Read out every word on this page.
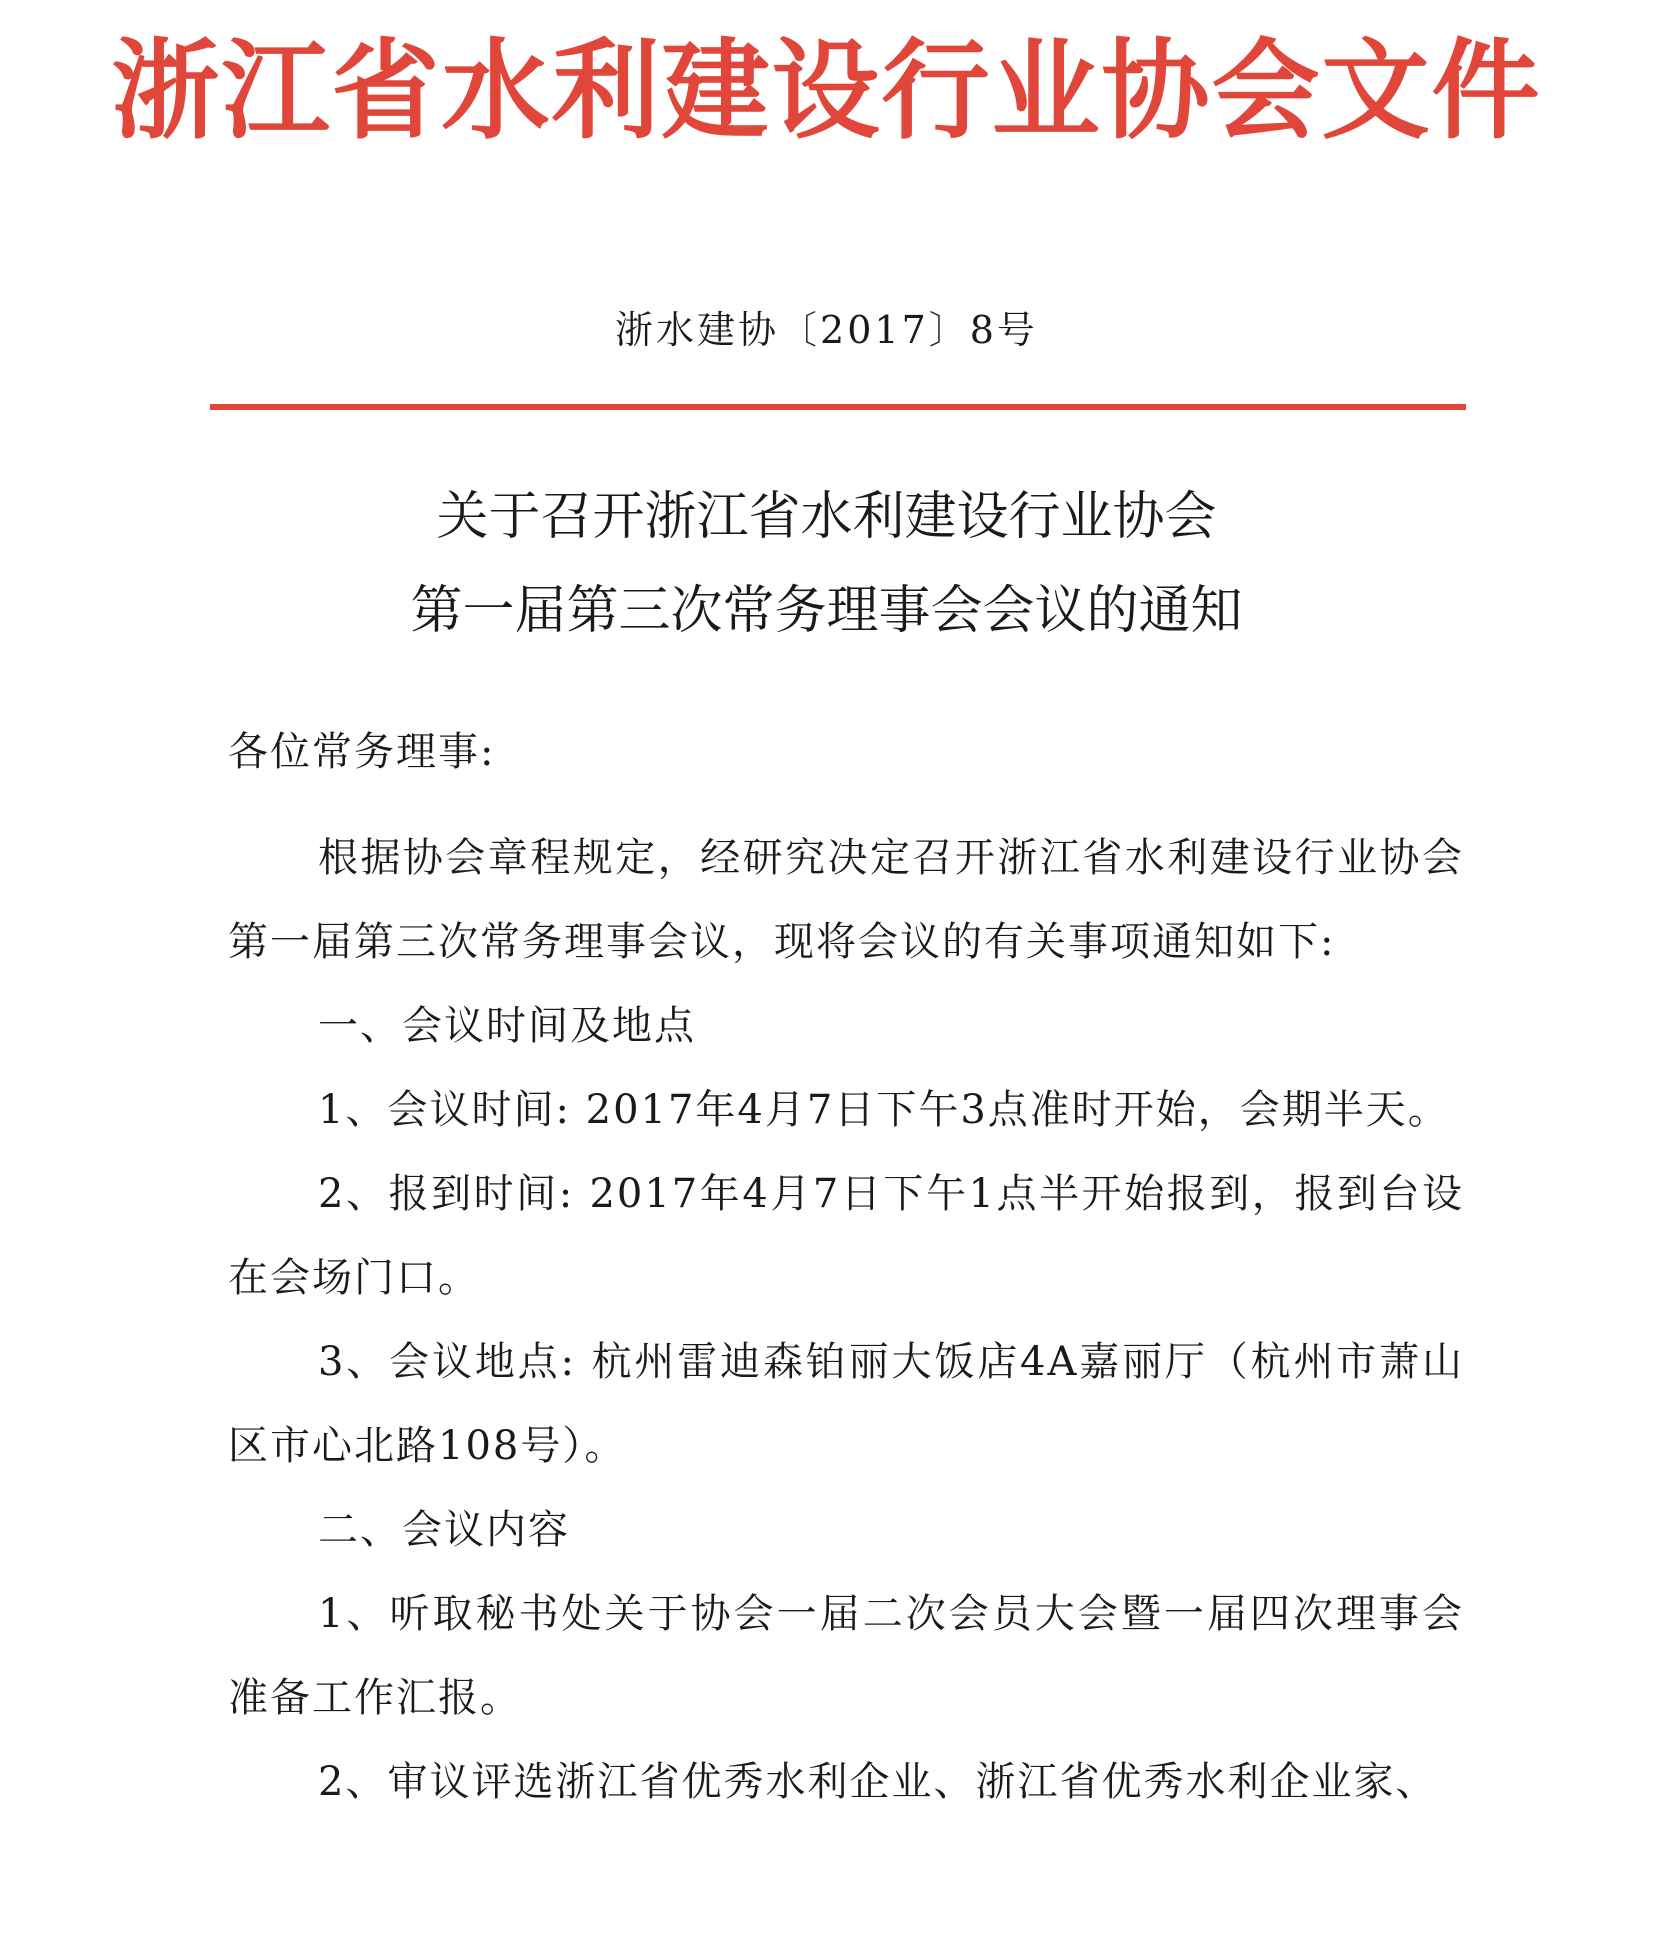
浙江省水利建设行业协会文件
浙水建协〔2017〕8号
关于召开浙江省水利建设行业协会
第一届第三次常务理事会会议的通知

各位常务理事:

根据协会章程规定，经研究决定召开浙江省水利建设行业协会第一届第三次常务理事会议，现将会议的有关事项通知如下:

一、会议时间及地点

1、会议时间: 2017年4月7日下午3点准时开始，会期半天。

2、报到时间: 2017年4月7日下午1点半开始报到，报到台设在会场门口。

3、会议地点: 杭州雷迪森铂丽大饭店4A嘉丽厅（杭州市萧山区市心北路108号）。

二、会议内容

1、听取秘书处关于协会一届二次会员大会暨一届四次理事会准备工作汇报。

2、审议评选浙江省优秀水利企业、浙江省优秀水利企业家、
